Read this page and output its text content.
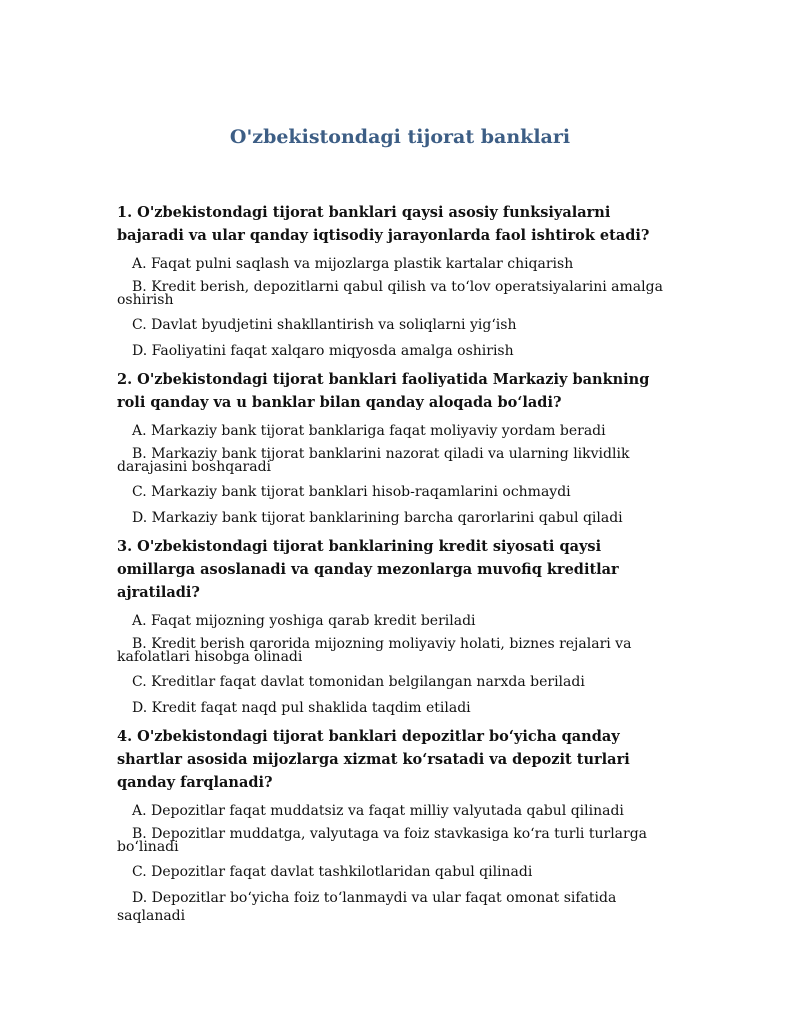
O'zbekistondagi tijorat banklari

1. O'zbekistondagi tijorat banklari qaysi asosiy funksiyalarni bajaradi va ular qanday iqtisodiy jarayonlarda faol ishtirok etadi?

A. Faqat pulni saqlash va mijozlarga plastik kartalar chiqarish

B. Kredit berish, depozitlarni qabul qilish va to‘lov operatsiyalarini amalga oshirish

C. Davlat byudjetini shakllantirish va soliqlarni yig‘ish

D. Faoliyatini faqat xalqaro miqyosda amalga oshirish

2. O'zbekistondagi tijorat banklari faoliyatida Markaziy bankning roli qanday va u banklar bilan qanday aloqada bo‘ladi?

A. Markaziy bank tijorat banklariga faqat moliyaviy yordam beradi

B. Markaziy bank tijorat banklarini nazorat qiladi va ularning likvidlik darajasini boshqaradi

C. Markaziy bank tijorat banklari hisob-raqamlarini ochmaydi

D. Markaziy bank tijorat banklarining barcha qarorlarini qabul qiladi

3. O'zbekistondagi tijorat banklarining kredit siyosati qaysi omillarga asoslanadi va qanday mezonlarga muvofiq kreditlar ajratiladi?

A. Faqat mijozning yoshiga qarab kredit beriladi

B. Kredit berish qarorida mijozning moliyaviy holati, biznes rejalari va kafolatlari hisobga olinadi

C. Kreditlar faqat davlat tomonidan belgilangan narxda beriladi

D. Kredit faqat naqd pul shaklida taqdim etiladi

4. O'zbekistondagi tijorat banklari depozitlar bo‘yicha qanday shartlar asosida mijozlarga xizmat ko‘rsatadi va depozit turlari qanday farqlanadi?

A. Depozitlar faqat muddatsiz va faqat milliy valyutada qabul qilinadi

B. Depozitlar muddatga, valyutaga va foiz stavkasiga ko‘ra turli turlarga bo‘linadi

C. Depozitlar faqat davlat tashkilotlaridan qabul qilinadi

D. Depozitlar bo‘yicha foiz to‘lanmaydi va ular faqat omonat sifatida saqlanadi
